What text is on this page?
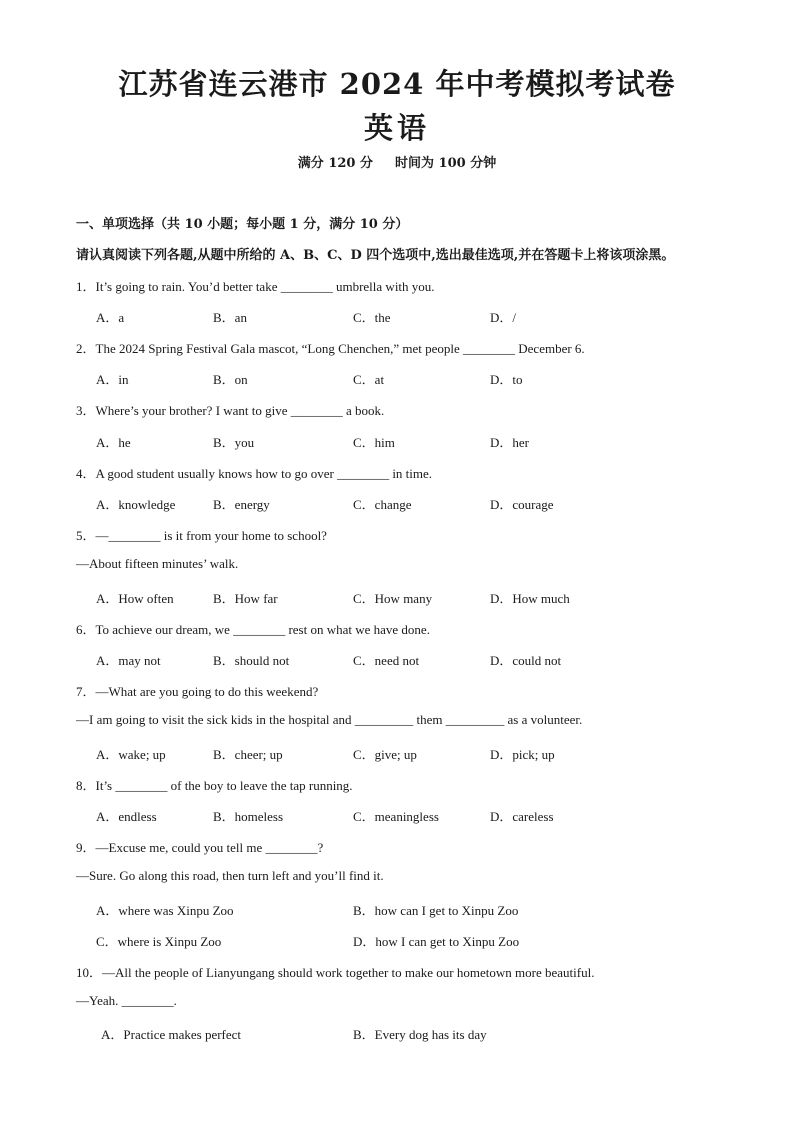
江苏省连云港市 2024 年中考模拟考试卷
英语
满分 120 分 时间为 100 分钟
一、单项选择（共 10 小题；每小题 1 分，满分 10 分）
请认真阅读下列各题,从题中所给的 A、B、C、D 四个选项中,选出最佳选项,并在答题卡上将该项涂黑。
1．It’s going to rain. You’d better take ________ umbrella with you.
A．a	B．an	C．the	D．/
2．The 2024 Spring Festival Gala mascot, “Long Chenchen,” met people ________ December 6.
A．in	B．on	C．at	D．to
3．Where’s your brother? I want to give ________ a book.
A．he	B．you	C．him	D．her
4．A good student usually knows how to go over ________ in time.
A．knowledge	B．energy	C．change	D．courage
5．—________ is it from your home to school?
—About fifteen minutes’ walk.
A．How often	B．How far	C．How many	D．How much
6．To achieve our dream, we ________ rest on what we have done.
A．may not	B．should not	C．need not	D．could not
7．—What are you going to do this weekend?
—I am going to visit the sick kids in the hospital and _________ them _________ as a volunteer.
A．wake; up	B．cheer; up	C．give; up	D．pick; up
8．It’s ________ of the boy to leave the tap running.
A．endless	B．homeless	C．meaningless	D．careless
9．—Excuse me, could you tell me ________?
—Sure. Go along this road, then turn left and you’ll find it.
A．where was Xinpu Zoo	B．how can I get to Xinpu Zoo
C．where is Xinpu Zoo	D．how I can get to Xinpu Zoo
10．—All the people of Lianyungang should work together to make our hometown more beautiful.
—Yeah. ________.
A．Practice makes perfect	B．Every dog has its day
